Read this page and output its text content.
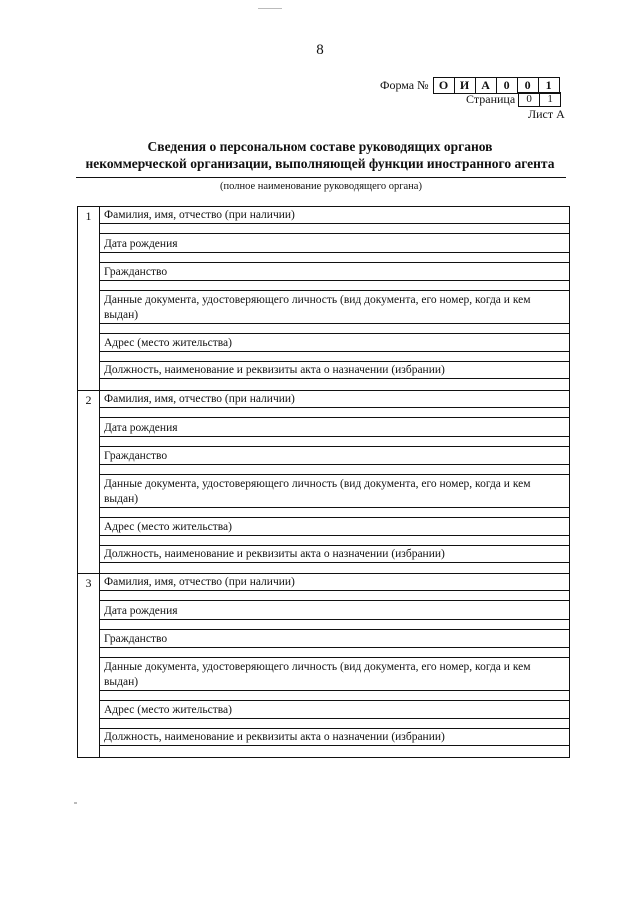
8
Форма № О И А	0	0	1
Страница	0	1
Лист А
Сведения о персональном составе руководящих органов
некоммерческой организации, выполняющей функции иностранного агента
(полное наименование руководящего органа)
1	Фамилия, имя, отчество (при наличии)
Дата рождения
Гражданство
Данные документа, удостоверяющего личность (вид документа, его номер, когда и кем
выдан)
Адрес (место жительства)
Должность, наименование и реквизиты акта о назначении (избрании)
2	Фамилия, имя, отчество (при наличии)
Дата рождения
Гражданство
Данные документа, удостоверяющего личность (вид документа, его номер, когда и кем
выдан)
Адрес (место жительства)
Должность, наименование и реквизиты акта о назначении (избрании)
3	Фамилия, имя, отчество (при наличии)
Дата рождения
Гражданство
Данные документа, удостоверяющего личность (вид документа, его номер, когда и кем
выдан)
Адрес (место жительства)
Должность, наименование и реквизиты акта о назначении (избрании)
